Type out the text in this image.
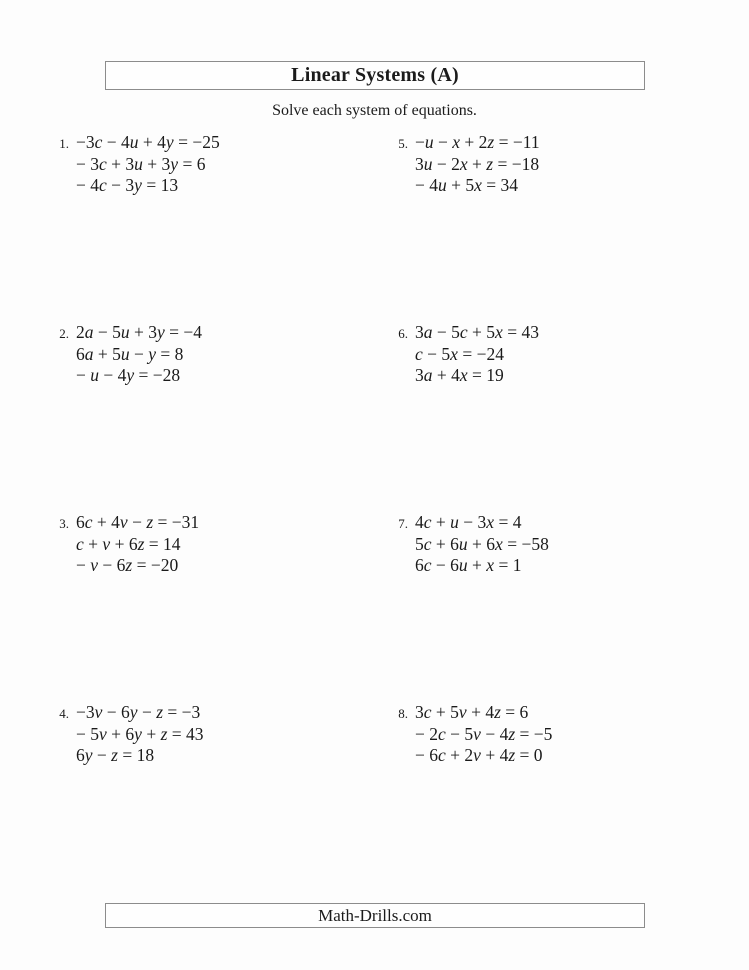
Linear Systems (A)
Solve each system of equations.
1. −3c − 4u + 4y = −25
− 3c + 3u + 3y = 6
− 4c − 3y = 13
2. 2a − 5u + 3y = −4
6a + 5u − y = 8
− u − 4y = −28
3. 6c + 4v − z = −31
c + v + 6z = 14
− v − 6z = −20
4. −3v − 6y − z = −3
− 5v + 6y + z = 43
6y − z = 18
5. −u − x + 2z = −11
3u − 2x + z = −18
− 4u + 5x = 34
6. 3a − 5c + 5x = 43
c − 5x = −24
3a + 4x = 19
7. 4c + u − 3x = 4
5c + 6u + 6x = −58
6c − 6u + x = 1
8. 3c + 5v + 4z = 6
− 2c − 5v − 4z = −5
− 6c + 2v + 4z = 0
Math-Drills.com
